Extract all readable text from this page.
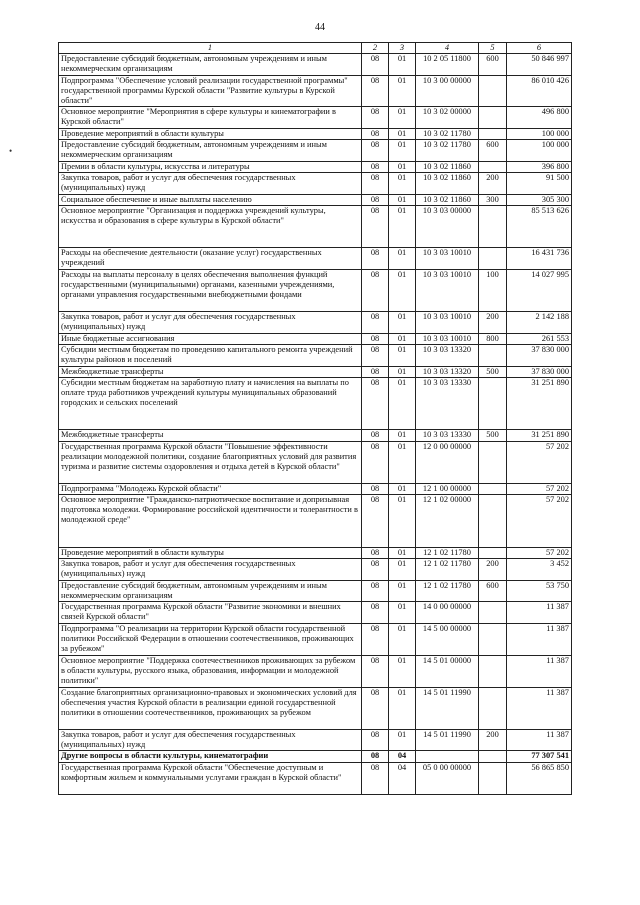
44
•
1	2	3	4	5	6
Предоставление субсидий бюджетным, автономным учреждениям и иным некоммерческим организациям	08	01	10 2 05 11800	600	50 846 997
Подпрограмма "Обеспечение условий реализации государственной программы" государственной программы Курской области "Развитие культуры в Курской области"	08	01	10 3 00 00000		86 010 426
Основное мероприятие "Мероприятия в сфере культуры и кинематографии в Курской области"	08	01	10 3 02 00000		496 800
Проведение мероприятий в области культуры	08	01	10 3 02 11780		100 000
Предоставление субсидий бюджетным, автономным учреждениям и иным некоммерческим организациям	08	01	10 3 02 11780	600	100 000
Премии в области культуры, искусства и литературы	08	01	10 3 02 11860		396 800
Закупка товаров, работ и услуг для обеспечения государственных (муниципальных) нужд	08	01	10 3 02 11860	200	91 500
Социальное обеспечение и иные выплаты населению	08	01	10 3 02 11860	300	305 300
Основное мероприятие "Организация и поддержка учреждений культуры, искусства и образования в сфере культуры в Курской области"	08	01	10 3 03 00000		85 513 626
Расходы на обеспечение деятельности (оказание услуг) государственных учреждений	08	01	10 3 03 10010		16 431 736
Расходы на выплаты персоналу в целях обеспечения выполнения функций государственными (муниципальными) органами, казенными учреждениями, органами управления государственными внебюджетными фондами	08	01	10 3 03 10010	100	14 027 995
Закупка товаров, работ и услуг для обеспечения государственных (муниципальных) нужд	08	01	10 3 03 10010	200	2 142 188
Иные бюджетные ассигнования	08	01	10 3 03 10010	800	261 553
Субсидии местным бюджетам по проведению капитального ремонта учреждений культуры районов и поселений	08	01	10 3 03 13320		37 830 000
Межбюджетные трансферты	08	01	10 3 03 13320	500	37 830 000
Субсидии местным бюджетам на заработную плату и начисления на выплаты по оплате труда работников учреждений культуры муниципальных образований городских и сельских поселений	08	01	10 3 03 13330		31 251 890
Межбюджетные трансферты	08	01	10 3 03 13330	500	31 251 890
Государственная программа Курской области "Повышение эффективности реализации молодежной политики, создание благоприятных условий для развития туризма и развитие системы оздоровления и отдыха детей в Курской области"	08	01	12 0 00 00000		57 202
Подпрограмма "Молодежь Курской области"	08	01	12 1 00 00000		57 202
Основное мероприятие "Гражданско-патриотическое воспитание и допризывная подготовка молодежи. Формирование российской идентичности и толерантности в молодежной среде"	08	01	12 1 02 00000		57 202
Проведение мероприятий в области культуры	08	01	12 1 02 11780		57 202
Закупка товаров, работ и услуг для обеспечения государственных (муниципальных) нужд	08	01	12 1 02 11780	200	3 452
Предоставление субсидий бюджетным, автономным учреждениям и иным некоммерческим организациям	08	01	12 1 02 11780	600	53 750
Государственная программа Курской области "Развитие экономики и внешних связей Курской области"	08	01	14 0 00 00000		11 387
Подпрограмма "О реализации на территории Курской области государственной политики Российской Федерации в отношении соотечественников, проживающих за рубежом"	08	01	14 5 00 00000		11 387
Основное мероприятие "Поддержка соотечественников проживающих за рубежом в области культуры, русского языка, образования, информации и молодежной политики"	08	01	14 5 01 00000		11 387
Создание благоприятных организационно-правовых и экономических условий для обеспечения участия Курской области в реализации единой государственной политики в отношении соотечественников, проживающих за рубежом	08	01	14 5 01 11990		11 387
Закупка товаров, работ и услуг для обеспечения государственных (муниципальных) нужд	08	01	14 5 01 11990	200	11 387
Другие вопросы в области культуры, кинематографии	08	04			77 307 541
Государственная программа Курской области "Обеспечение доступным и комфортным жильем и коммунальными услугами граждан в Курской области"	08	04	05 0 00 00000		56 865 850
